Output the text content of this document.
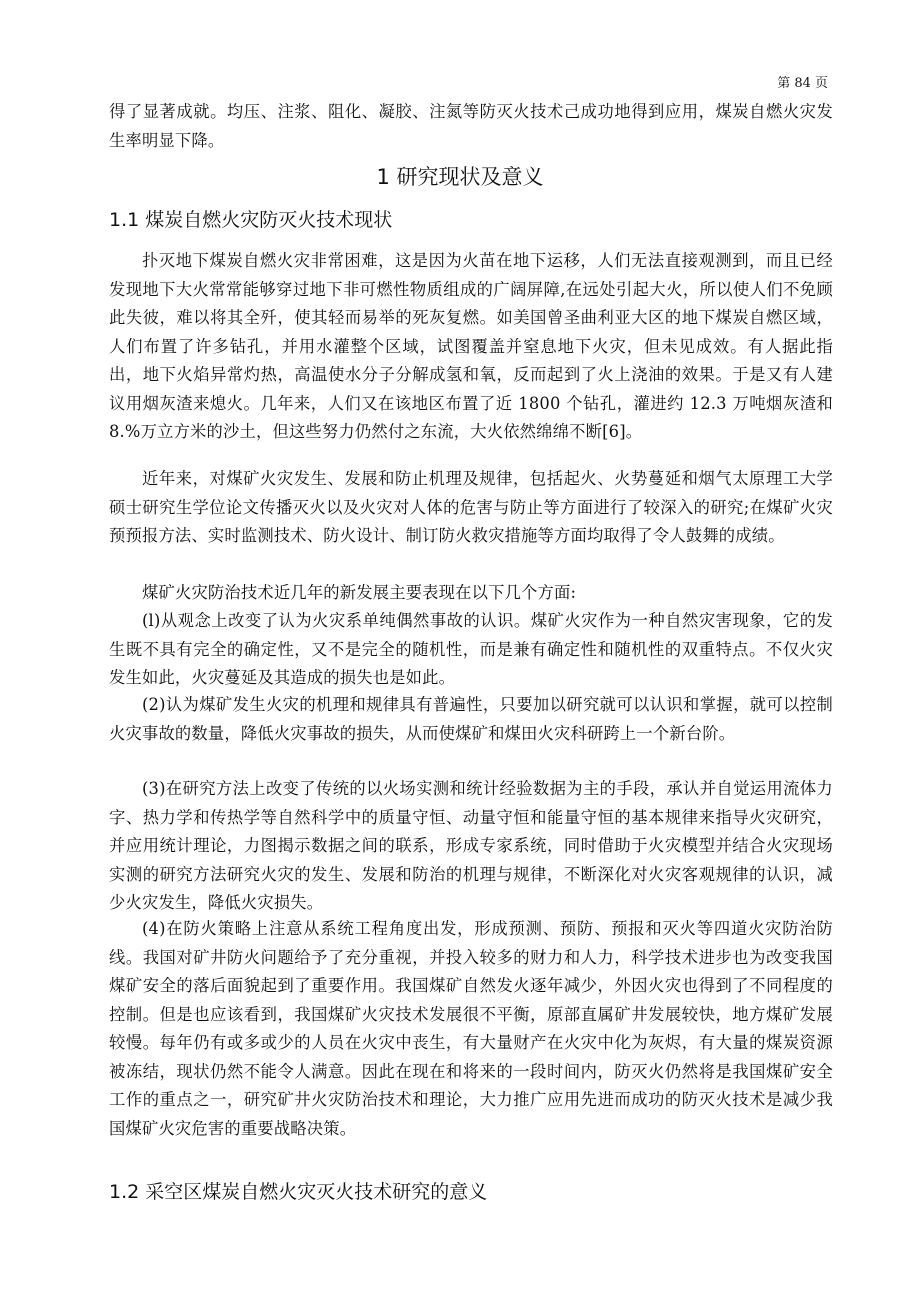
第 84 页

得了显著成就。均压、注浆、阻化、凝胶、注氮等防灭火技术己成功地得到应用，煤炭自燃火灾发生率明显下降。

1 研究现状及意义
1.1 煤炭自燃火灾防灭火技术现状

扑灭地下煤炭自燃火灾非常困难，这是因为火苗在地下运移，人们无法直接观测到，而且已经发现地下大火常常能够穿过地下非可燃性物质组成的广阔屏障,在远处引起大火，所以使人们不免顾此失彼，难以将其全歼，使其轻而易举的死灰复燃。如美国曾圣曲利亚大区的地下煤炭自燃区域，人们布置了许多钻孔，并用水灌整个区域，试图覆盖并窒息地下火灾，但未见成效。有人据此指出，地下火焰异常灼热，高温使水分子分解成氢和氧，反而起到了火上浇油的效果。于是又有人建议用烟灰渣来熄火。几年来，人们又在该地区布置了近 1800 个钻孔，灌进约 12.3 万吨烟灰渣和 8.%万立方米的沙土，但这些努力仍然付之东流，大火依然绵绵不断[6]。

近年来，对煤矿火灾发生、发展和防止机理及规律，包括起火、火势蔓延和烟气太原理工大学硕士研究生学位论文传播灭火以及火灾对人体的危害与防止等方面进行了较深入的研究;在煤矿火灾预预报方法、实时监测技术、防火设计、制订防火救灾措施等方面均取得了令人鼓舞的成绩。

煤矿火灾防治技术近几年的新发展主要表现在以下几个方面:

(l)从观念上改变了认为火灾系单纯偶然事故的认识。煤矿火灾作为一种自然灾害现象，它的发生既不具有完全的确定性，又不是完全的随机性，而是兼有确定性和随机性的双重特点。不仅火灾发生如此，火灾蔓延及其造成的损失也是如此。

(2)认为煤矿发生火灾的机理和规律具有普遍性，只要加以研究就可以认识和掌握，就可以控制火灾事故的数量，降低火灾事故的损失，从而使煤矿和煤田火灾科研跨上一个新台阶。

(3)在研究方法上改变了传统的以火场实测和统计经验数据为主的手段，承认并自觉运用流体力字、热力学和传热学等自然科学中的质量守恒、动量守恒和能量守恒的基本规律来指导火灾研究，并应用统计理论，力图揭示数据之间的联系，形成专家系统，同时借助于火灾模型并结合火灾现场实测的研究方法研究火灾的发生、发展和防治的机理与规律，不断深化对火灾客观规律的认识，减少火灾发生，降低火灾损失。

(4)在防火策略上注意从系统工程角度出发，形成预测、预防、预报和灭火等四道火灾防治防线。我国对矿井防火问题给予了充分重视，并投入较多的财力和人力，科学技术进步也为改变我国煤矿安全的落后面貌起到了重要作用。我国煤矿自然发火逐年减少，外因火灾也得到了不同程度的控制。但是也应该看到，我国煤矿火灾技术发展很不平衡，原部直属矿井发展较快，地方煤矿发展较慢。每年仍有或多或少的人员在火灾中丧生，有大量财产在火灾中化为灰烬，有大量的煤炭资源被冻结，现状仍然不能令人满意。因此在现在和将来的一段时间内，防灭火仍然将是我国煤矿安全工作的重点之一，研究矿井火灾防治技术和理论，大力推广应用先进而成功的防灭火技术是减少我国煤矿火灾危害的重要战略决策。

1.2 采空区煤炭自燃火灾灭火技术研究的意义
